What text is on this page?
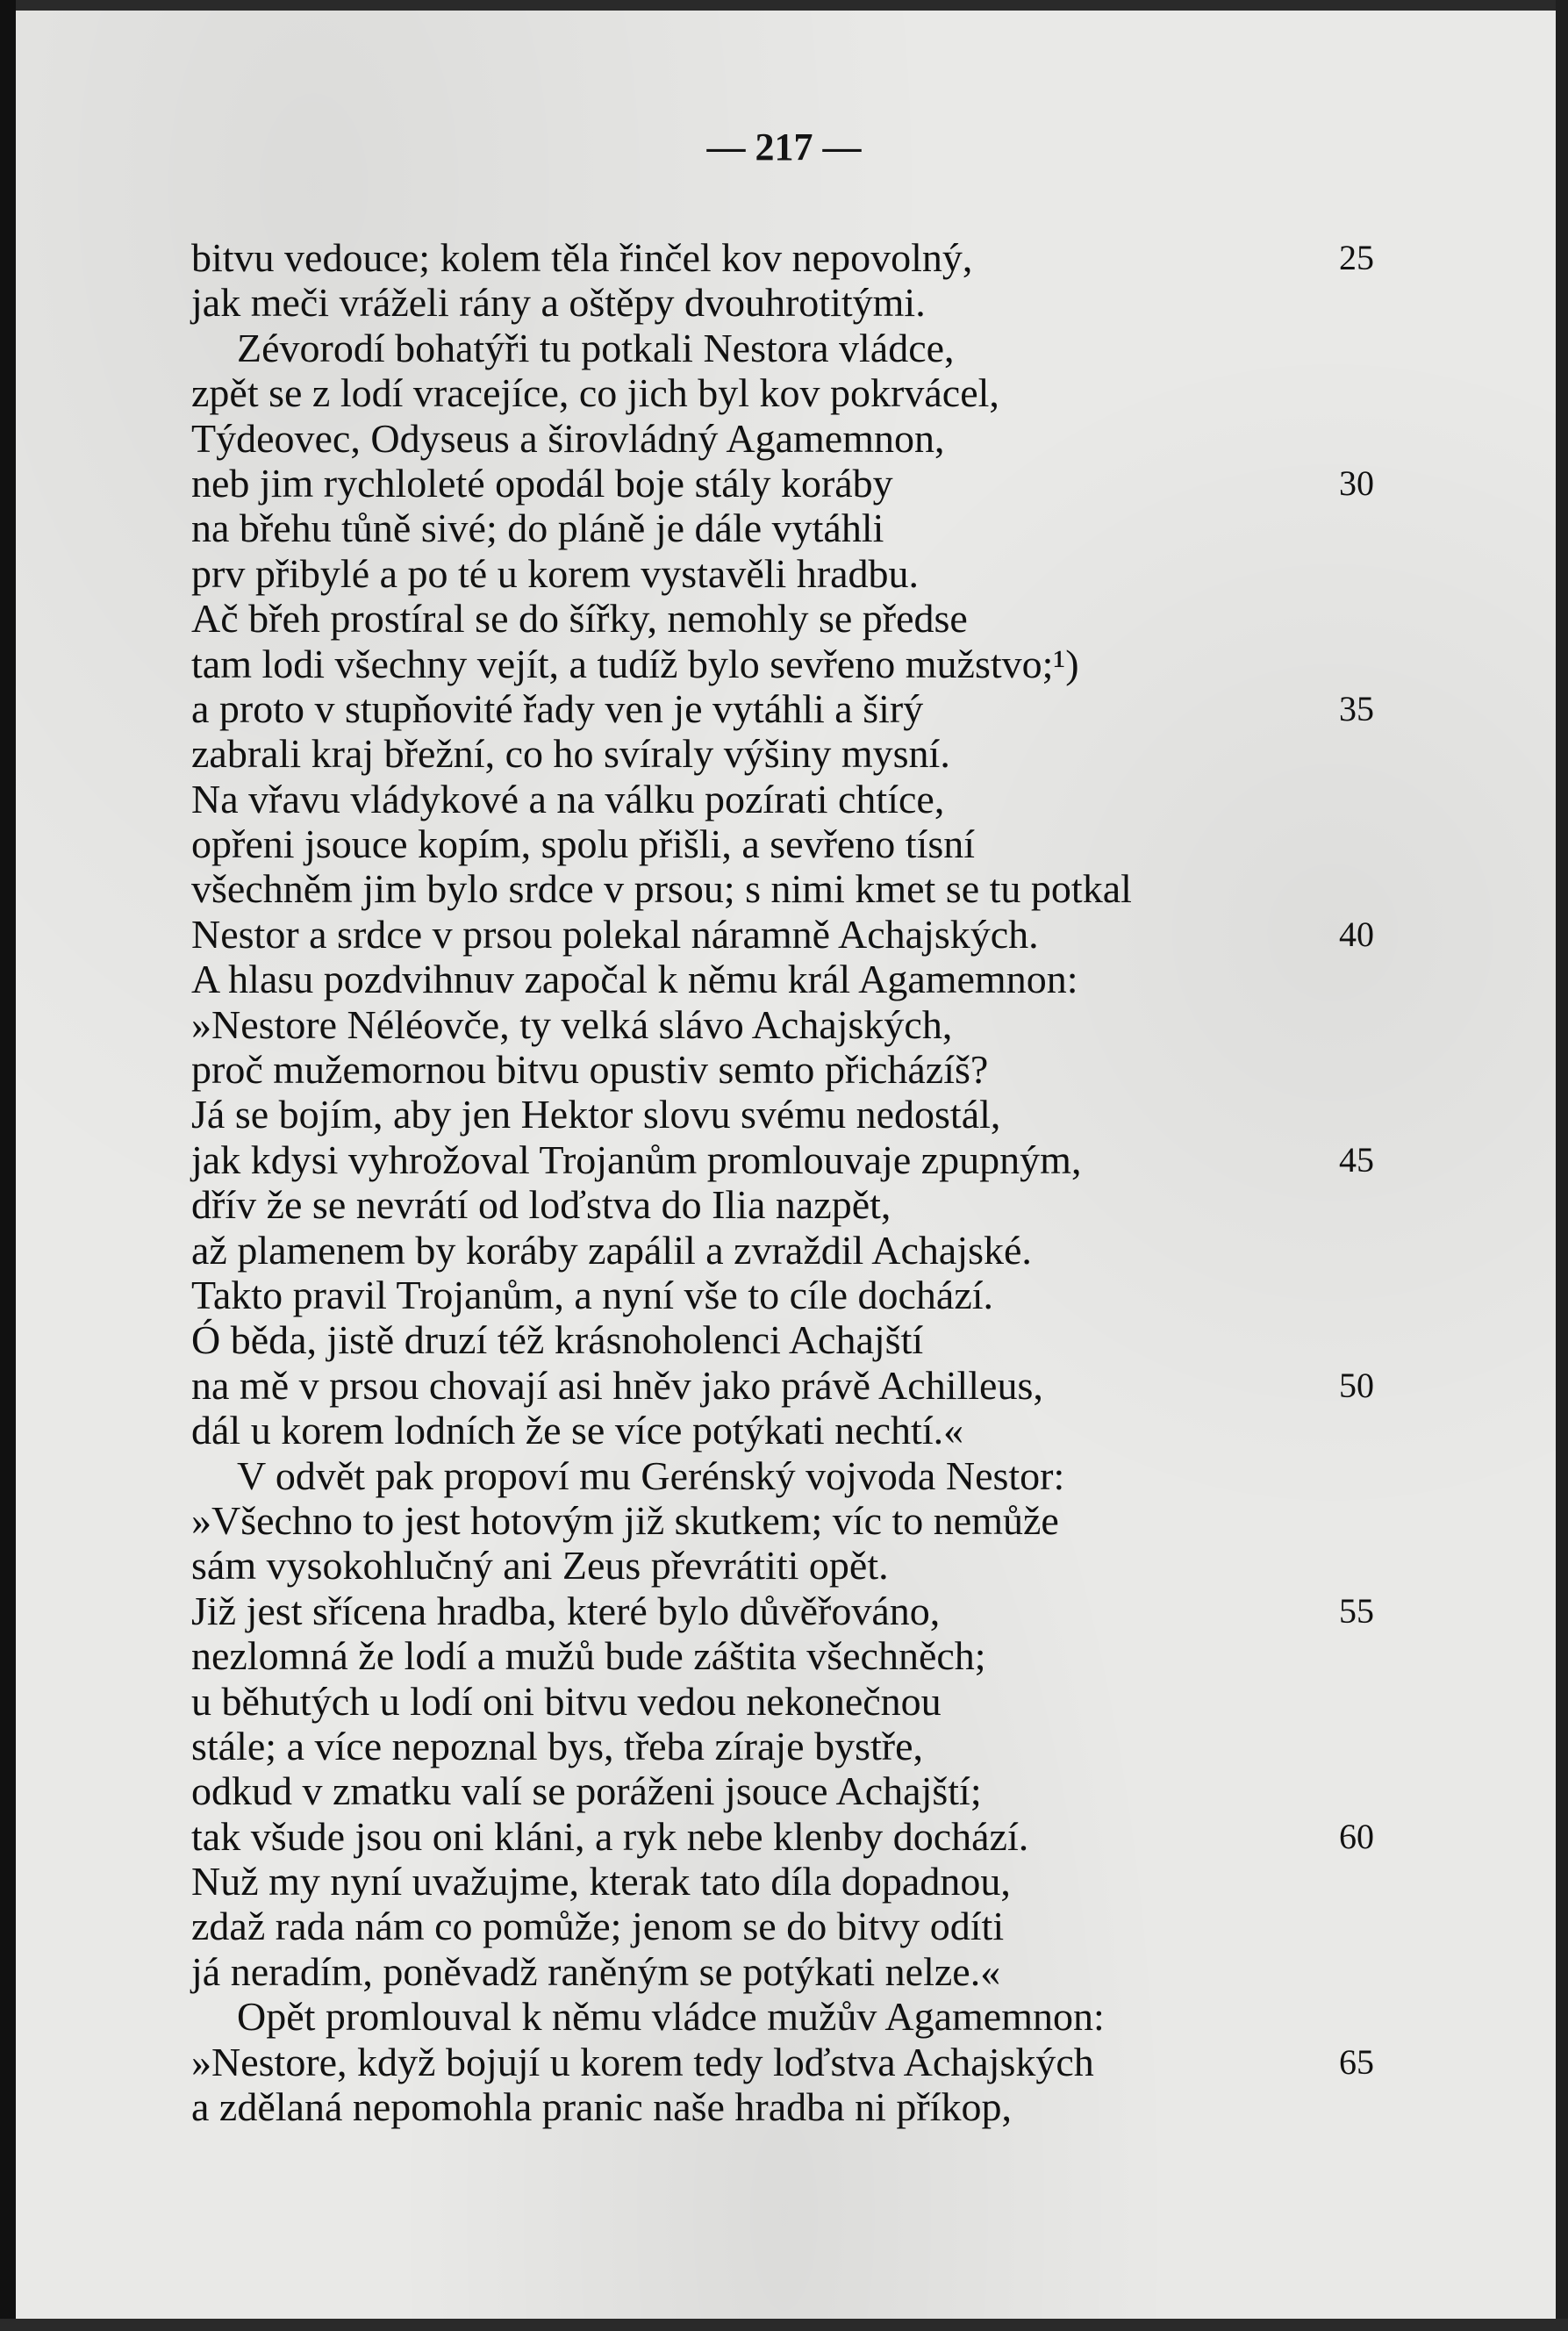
— 217 —
bitvu vedouce; kolem těla řinčel kov nepovolný,	25
jak meči vráželi rány a oštěpy dvouhrotitými.
Zévorodí bohatýři tu potkali Nestora vládce,
zpět se z lodí vracejíce, co jich byl kov pokrvácel,
Týdeovec, Odyseus a širovládný Agamemnon,
neb jim rychloleté opodál boje stály koráby	30
na břehu tůně sivé; do pláně je dále vytáhli
prv přibylé a po té u korem vystavěli hradbu.
Ač břeh prostíral se do šířky, nemohly se předse
tam lodi všechny vejít, a tudíž bylo sevřeno mužstvo;¹)
a proto v stupňovité řady ven je vytáhli a širý	35
zabrali kraj břežní, co ho svíraly výšiny mysní.
Na vřavu vládykové a na válku pozírati chtíce,
opřeni jsouce kopím, spolu přišli, a sevřeno tísní
všechněm jim bylo srdce v prsou; s nimi kmet se tu potkal
Nestor a srdce v prsou polekal náramně Achajských.	40
A hlasu pozdvihnuv započal k němu král Agamemnon:
»Nestore Néléovče, ty velká slávo Achajských,
proč mužemornou bitvu opustiv semto přicházíš?
Já se bojím, aby jen Hektor slovu svému nedostál,
jak kdysi vyhrožoval Trojanům promlouvaje zpupným,	45
dřív že se nevrátí od loďstva do Ilia nazpět,
až plamenem by koráby zapálil a zvraždil Achajské.
Takto pravil Trojanům, a nyní vše to cíle dochází.
Ó běda, jistě druzí též krásnoholenci Achajští
na mě v prsou chovají asi hněv jako právě Achilleus,	50
dál u korem lodních že se více potýkati nechtí.«
V odvět pak propoví mu Gerénský vojvoda Nestor:
»Všechno to jest hotovým již skutkem; víc to nemůže
sám vysokohlučný ani Zeus převrátiti opět.
Již jest sřícena hradba, které bylo důvěřováno,	55
nezlomná že lodí a mužů bude záštita všechněch;
u běhutých u lodí oni bitvu vedou nekonečnou
stále; a více nepoznal bys, třeba zíraje bystře,
odkud v zmatku valí se poráženi jsouce Achajští;
tak všude jsou oni kláni, a ryk nebe klenby dochází.	60
Nuž my nyní uvažujme, kterak tato díla dopadnou,
zdaž rada nám co pomůže; jenom se do bitvy odíti
já neradím, poněvadž raněným se potýkati nelze.«
Opět promlouval k němu vládce mužův Agamemnon:
»Nestore, když bojují u korem tedy loďstva Achajských	65
a zdělaná nepomohla pranic naše hradba ni příkop,
